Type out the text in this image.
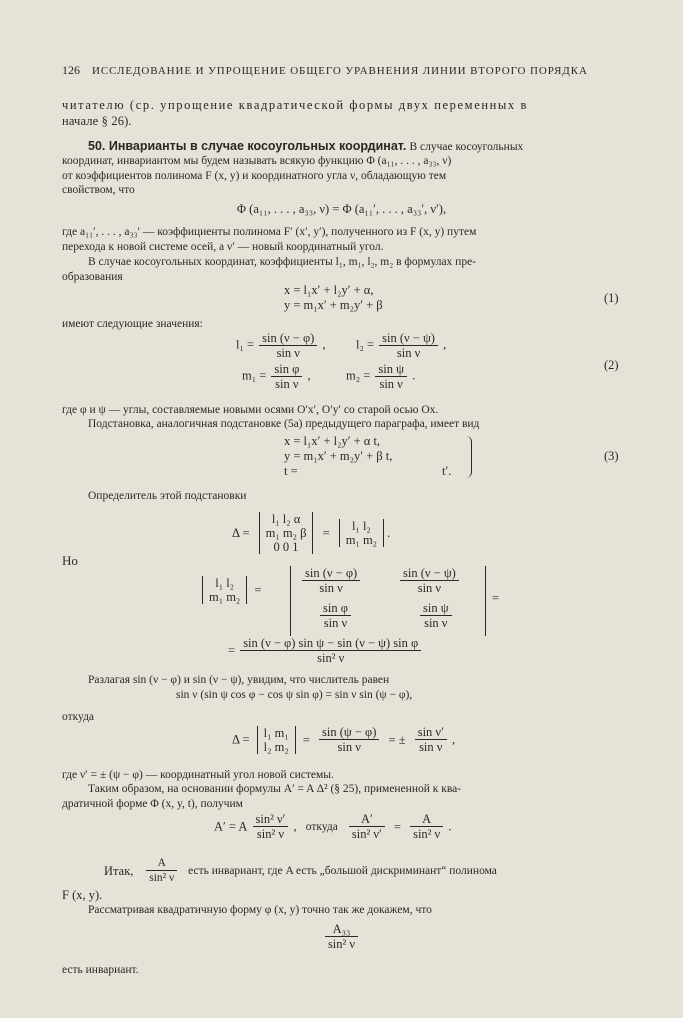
126 ИССЛЕДОВАНИЕ И УПРОЩЕНИЕ ОБЩЕГО УРАВНЕНИЯ ЛИНИИ ВТОРОГО ПОРЯДКА
читателю (ср. упрощение квадратической формы двух переменных в
начале § 26).
50. Инварианты в случае косоугольных координат. В случае косоугольных
координат, инвариантом мы будем называть всякую функцию Φ (a₁₁, . . . , a₃₃, ν)
от коэффициентов полинома F (x, y) и координатного угла ν, обладающую тем
свойством, что
Φ (a₁₁, . . . , a₃₃, ν) = Φ (a₁₁′, . . . , a₃₃′, ν′),
где a₁₁′, . . . , a₃₃′ — коэффициенты полинома F′ (x′, y′), полученного из F (x, y) путем
перехода к новой системе осей, а ν′ — новый координатный угол.
В случае косоугольных координат, коэффициенты l₁, m₁, l₂, m₂ в формулах пре-
образования
x = l₁x′ + l₂y′ + α,
y = m₁x′ + m₂y′ + β	(1)
имеют следующие значения:
$l_1 = \frac{\sin (\nu - \varphi)}{\text{sin ν}}$ , $l_2 = \frac{\sin (\nu - \psi)}{\text{sin ν}}$ ,
$m_1 = \frac{\text{sin φ}}{\text{sin ν}}$ ,	$m_2 = \frac{\text{sin ψ}}{\text{sin ν}}$ .
(2)
где φ и ψ — углы, составляемые новыми осями O′x′, O′y′ со старой осью Ox.
Подстановка, аналогичная подстановке (5а) предыдущего параграфа, имеет вид
x = l₁x′ + l₂y′ + α t,
y = m₁x′ + m₂y′ + β t,
t =	t′.
(3)
Определитель этой подстановки
Δ =
l₁ l₂ α
m₁ m₂ β
0 0 1
=	l₁ l₂
m₁ m₂ .
Но
l₁ l₂
m₁ m₂ =	$\frac{\sin (\nu - \varphi)}{\text{sin ν}}$	$\frac{\sin (\nu - \psi)}{\text{sin ν}}$
$\frac{\text{sin φ}}{\text{sin ν}}$	$\frac{\text{sin ψ}}{\text{sin ν}}$
=
= $\frac{\text{sin (ν − φ) sin ψ − sin (ν − ψ) sin φ}}{\text{sin² ν}}$
Разлагая sin (ν − φ) и sin (ν − ψ), увидим, что числитель равен
sin ν (sin ψ cos φ − cos ψ sin φ) = sin ν sin (ψ − φ),
откуда
Δ = l₁ m₁
l₂ $m_2 = \frac{\sin (\psi - \varphi)}{\text{sin ν}}$ = ± $\frac{\text{sin ν′}}{\text{sin ν}}$ ,
где ν′ = ± (ψ − φ) — координатный угол новой системы.
Таким образом, на основании формулы A′ = A Δ² (§ 25), примененной к ква-
дратичной форме Φ (x, y, t), получим
A′ = A $\frac{\text{sin² ν′}}{\text{sin² ν}}$ , откуда $\frac{A'}{\text{sin² ν′}} = \frac{A}{\text{sin² ν}}$ .
Итак, $\frac{A}{\text{sin² ν}}$ есть инвариант, где A есть „большой дискриминант“ полинома
F (x, y).
Рассматривая квадратичную форму φ (x, y) точно так же докажем, что
$\frac{\text{A₃₃}}{\text{sin² ν}}$
есть инвариант.
